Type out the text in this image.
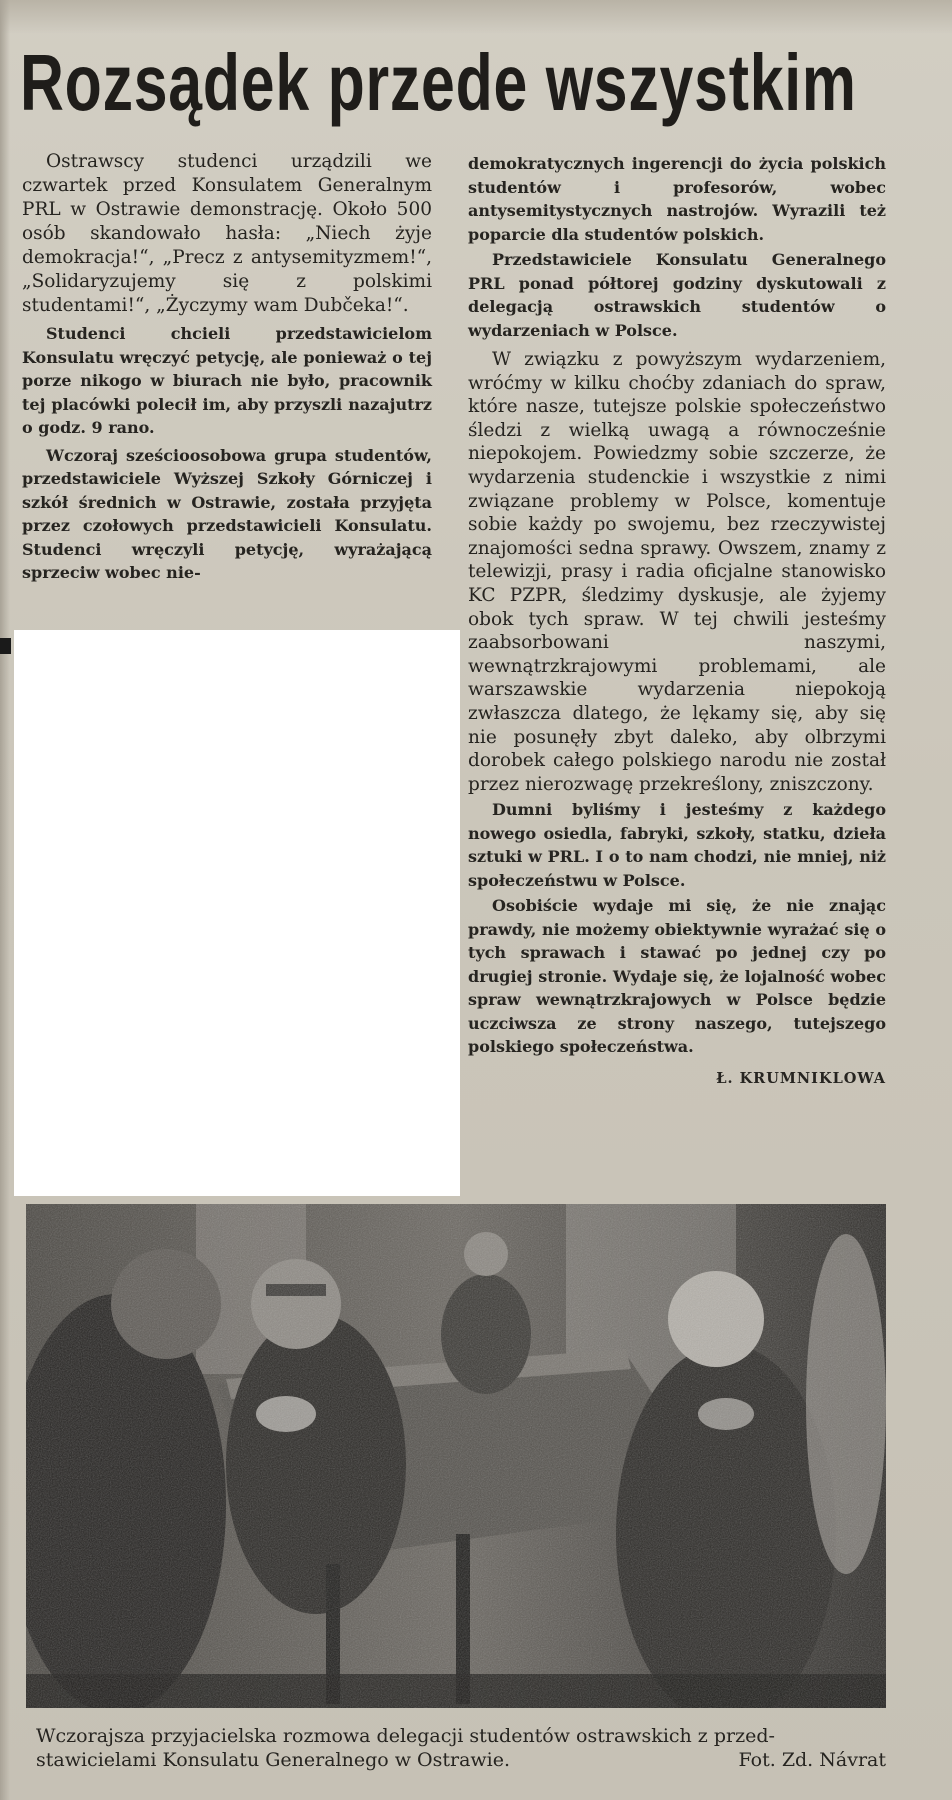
Rozsądek przede wszystkim

Ostrawscy studenci urządzili we czwartek przed Konsulatem Generalnym PRL w Ostrawie demonstrację. Około 500 osób skandowało hasła: „Niech żyje demokracja!“, „Precz z antysemityzmem!“, „Solidaryzujemy się z polskimi studentami!“, „Życzymy wam Dubčeka!“.

Studenci chcieli przedstawicielom Konsulatu wręczyć petycję, ale ponieważ o tej porze nikogo w biurach nie było, pracownik tej placówki polecił im, aby przyszli nazajutrz o godz. 9 rano.

Wczoraj sześcioosobowa grupa studentów, przedstawiciele Wyższej Szkoły Górniczej i szkół średnich w Ostrawie, została przyjęta przez czołowych przedstawicieli Konsulatu. Studenci wręczyli petycję, wyrażającą sprzeciw wobec nie-

demokratycznych ingerencji do życia polskich studentów i profesorów, wobec antysemitystycznych nastrojów. Wyrazili też poparcie dla studentów polskich.

Przedstawiciele Konsulatu Generalnego PRL ponad półtorej godziny dyskutowali z delegacją ostrawskich studentów o wydarzeniach w Polsce.

W związku z powyższym wydarzeniem, wróćmy w kilku choćby zdaniach do spraw, które nasze, tutejsze polskie społeczeństwo śledzi z wielką uwagą a równocześnie niepokojem. Powiedzmy sobie szczerze, że wydarzenia studenckie i wszystkie z nimi związane problemy w Polsce, komentuje sobie każdy po swojemu, bez rzeczywistej znajomości sedna sprawy. Owszem, znamy z telewizji, prasy i radia oficjalne stanowisko KC PZPR, śledzimy dyskusje, ale żyjemy obok tych spraw. W tej chwili jesteśmy zaabsorbowani naszymi, wewnątrzkrajowymi problemami, ale warszawskie wydarzenia niepokoją zwłaszcza dlatego, że lękamy się, aby się nie posunęły zbyt daleko, aby olbrzymi dorobek całego polskiego narodu nie został przez nierozwagę przekreślony, zniszczony.

Dumni byliśmy i jesteśmy z każdego nowego osiedla, fabryki, szkoły, statku, dzieła sztuki w PRL. I o to nam chodzi, nie mniej, niż społeczeństwu w Polsce.

Osobiście wydaje mi się, że nie znając prawdy, nie możemy obiektywnie wyrażać się o tych sprawach i stawać po jednej czy po drugiej stronie. Wydaje się, że lojalność wobec spraw wewnątrzkrajowych w Polsce będzie uczciwsza ze strony naszego, tutejszego polskiego społeczeństwa.

Ł. KRUMNIKLOWA

Wczorajsza przyjacielska rozmowa delegacji studentów ostrawskich z przed-
stawicielami Konsulatu Generalnego w Ostrawie.	Fot. Zd. Návrat
